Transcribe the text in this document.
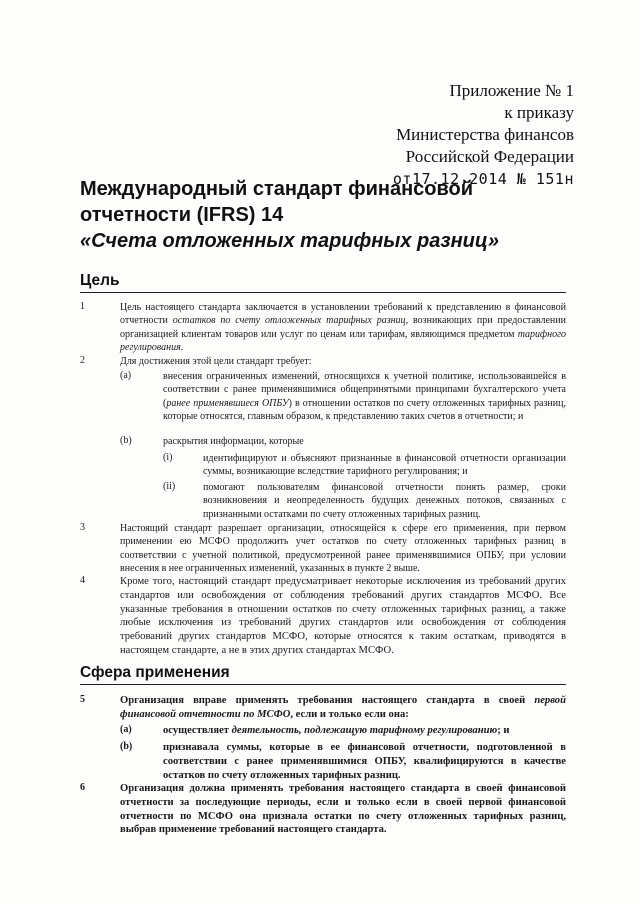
Приложение № 1
к приказу
Министерства финансов
Российской Федерации
от17.12.2014 № 151н
Международный стандарт финансовой
отчетности (IFRS) 14
«Счета отложенных тарифных разниц»
Цель
1	Цель настоящего стандарта заключается в установлении требований к представлению в финансовой отчетности остатков по счету отложенных тарифных разниц, возникающих при предоставлении организацией клиентам товаров или услуг по ценам или тарифам, являющимся предметом тарифного регулирования.
2	Для достижения этой цели стандарт требует:
(a)	внесения ограниченных изменений, относящихся к учетной политике, использовавшейся в соответствии с ранее применявшимися общепринятыми принципами бухгалтерского учета (ранее применявшиеся ОПБУ) в отношении остатков по счету отложенных тарифных разниц, которые относятся, главным образом, к представлению таких счетов в отчетности; и
(b)	раскрытия информации, которые
(i)	идентифицируют и объясняют признанные в финансовой отчетности организации суммы, возникающие вследствие тарифного регулирования; и
(ii)	помогают пользователям финансовой отчетности понять размер, сроки возникновения и неопределенность будущих денежных потоков, связанных с признанными остатками по счету отложенных тарифных разниц.
3	Настоящий стандарт разрешает организации, относящейся к сфере его применения, при первом применении ею МСФО продолжить учет остатков по счету отложенных тарифных разниц в соответствии с учетной политикой, предусмотренной ранее применявшимися ОПБУ, при условии внесения в нее ограниченных изменений, указанных в пункте 2 выше.
4	Кроме того, настоящий стандарт предусматривает некоторые исключения из требований других стандартов или освобождения от соблюдения требований других стандартов МСФО. Все указанные требования в отношении остатков по счету отложенных тарифных разниц, а также любые исключения из требований других стандартов или освобождения от соблюдения требований других стандартов МСФО, которые относятся к таким остаткам, приводятся в настоящем стандарте, а не в этих других стандартах МСФО.
Сфера применения
5	Организация вправе применять требования настоящего стандарта в своей первой финансовой отчетности по МСФО, если и только если она:
(a)	осуществляет деятельность, подлежащую тарифному регулированию; и
(b)	признавала суммы, которые в ее финансовой отчетности, подготовленной в соответствии с ранее применявшимися ОПБУ, квалифицируются в качестве остатков по счету отложенных тарифных разниц.
6	Организация должна применять требования настоящего стандарта в своей финансовой отчетности за последующие периоды, если и только если в своей первой финансовой отчетности по МСФО она признала остатки по счету отложенных тарифных разниц, выбрав применение требований настоящего стандарта.
